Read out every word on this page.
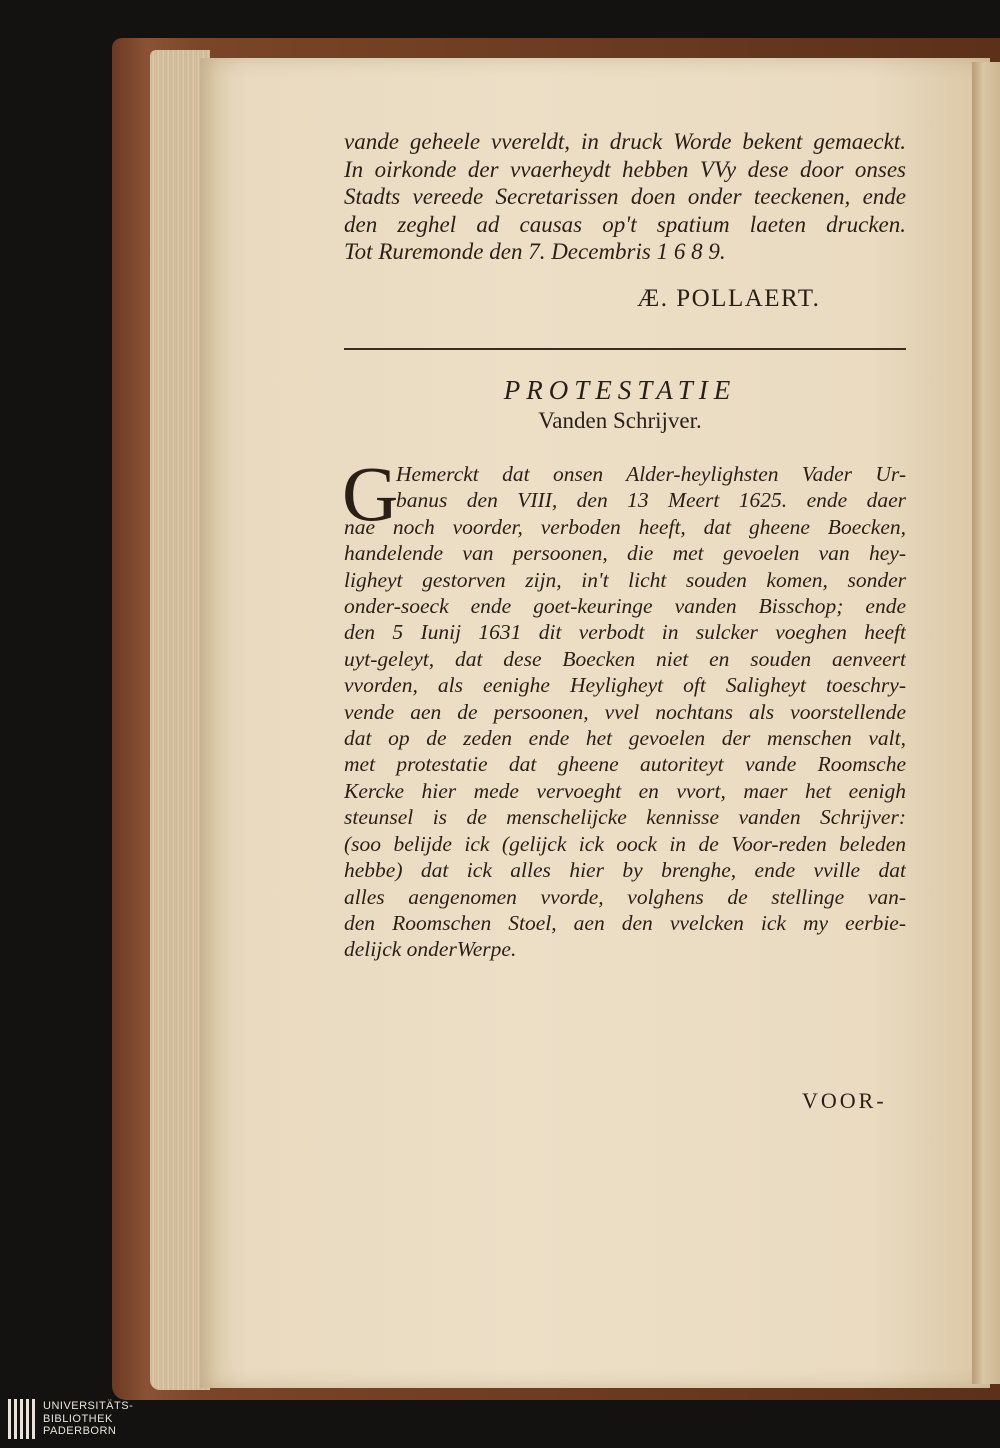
vande geheele vvereldt, in druck Worde bekent gemaeckt.
In oirkonde der vvaerheydt hebben VVy dese door onses
Stadts vereede Secretarissen doen onder teeckenen, ende
den zeghel ad causas op't spatium laeten drucken.
Tot Ruremonde den 7. Decembris 1 6 8 9.
Æ. POLLAERT.
PROTESTATIE
Vanden Schrijver.
G
Hemerckt dat onsen Alder-heylighsten Vader Ur-
banus den VIII, den 13 Meert 1625. ende daer
nae noch voorder, verboden heeft, dat gheene Boecken,
handelende van persoonen, die met gevoelen van hey-
ligheyt gestorven zijn, in't licht souden komen, sonder
onder-soeck ende goet-keuringe vanden Bisschop; ende
den 5 Iunij 1631 dit verbodt in sulcker voeghen heeft
uyt-geleyt, dat dese Boecken niet en souden aenveert
vvorden, als eenighe Heyligheyt oft Saligheyt toeschry-
vende aen de persoonen, vvel nochtans als voorstellende
dat op de zeden ende het gevoelen der menschen valt,
met protestatie dat gheene autoriteyt vande Roomsche
Kercke hier mede vervoeght en vvort, maer het eenigh
steunsel is de menschelijcke kennisse vanden Schrijver:
(soo belijde ick (gelijck ick oock in de Voor-reden beleden
hebbe) dat ick alles hier by brenghe, ende vville dat
alles aengenomen vvorde, volghens de stellinge van-
den Roomschen Stoel, aen den vvelcken ick my eerbie-
delijck onderWerpe.
VOOR-
UNIVERSITÄTS-
BIBLIOTHEK
PADERBORN
